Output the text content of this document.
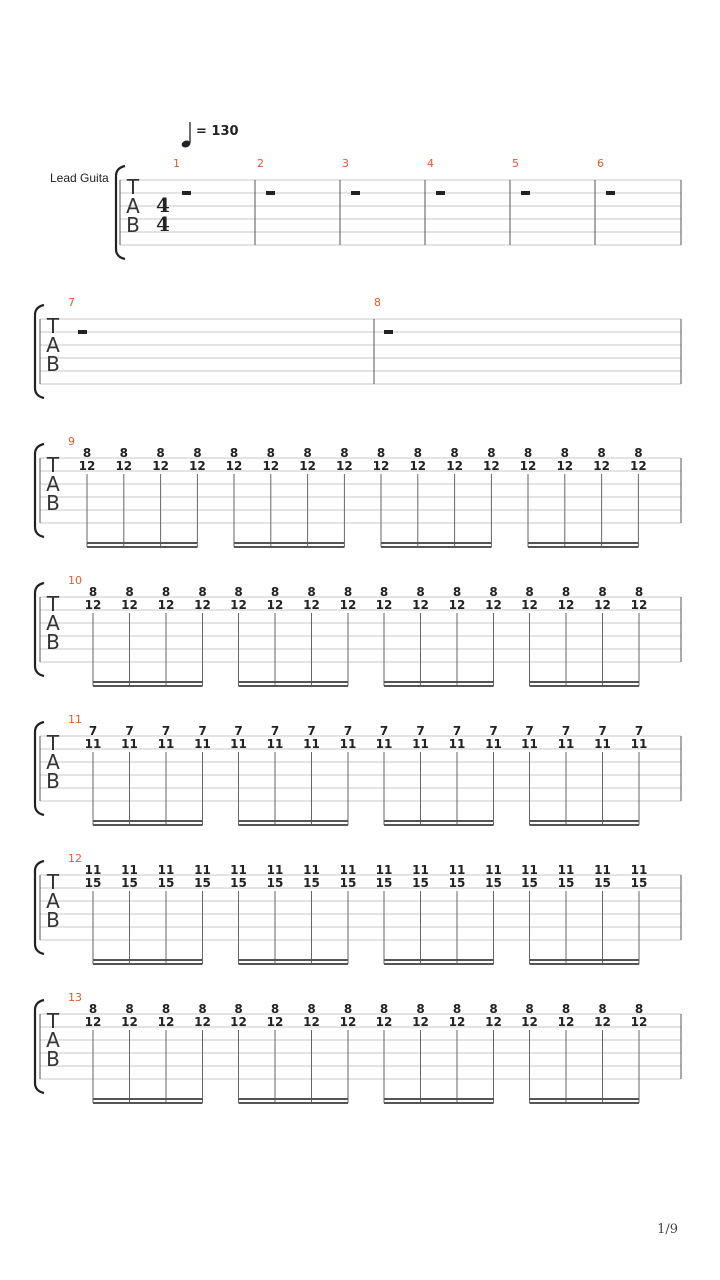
= 130
Lead Guita T
A
B
4
4
1	2	3	4	5	6
T
A
B
7	8
T
A
B
9
8
12
8
12
8
12
8
12
8
12
8
12
8
12
8
12
8
12
8
12
8
12
8
12
8
12
8
12
8
12
8
12
T
A
B
10
8
12
8
12
8
12
8
12
8
12
8
12
8
12
8
12
8
12
8
12
8
12
8
12
8
12
8
12
8
12
8
12
T
A
B
11
7
11
7
11
7
11
7
11
7
11
7
11
7
11
7
11
7
11
7
11
7
11
7
11
7
11
7
11
7
11
7
11
T
A
B
12
11
15
11
15
11
15
11
15
11
15
11
15
11
15
11
15
11
15
11
15
11
15
11
15
11
15
11
15
11
15
11
15
T
A
B
13
8
12
8
12
8
12
8
12
8
12
8
12
8
12
8
12
8
12
8
12
8
12
8
12
8
12
8
12
8
12
8
12
1/9
